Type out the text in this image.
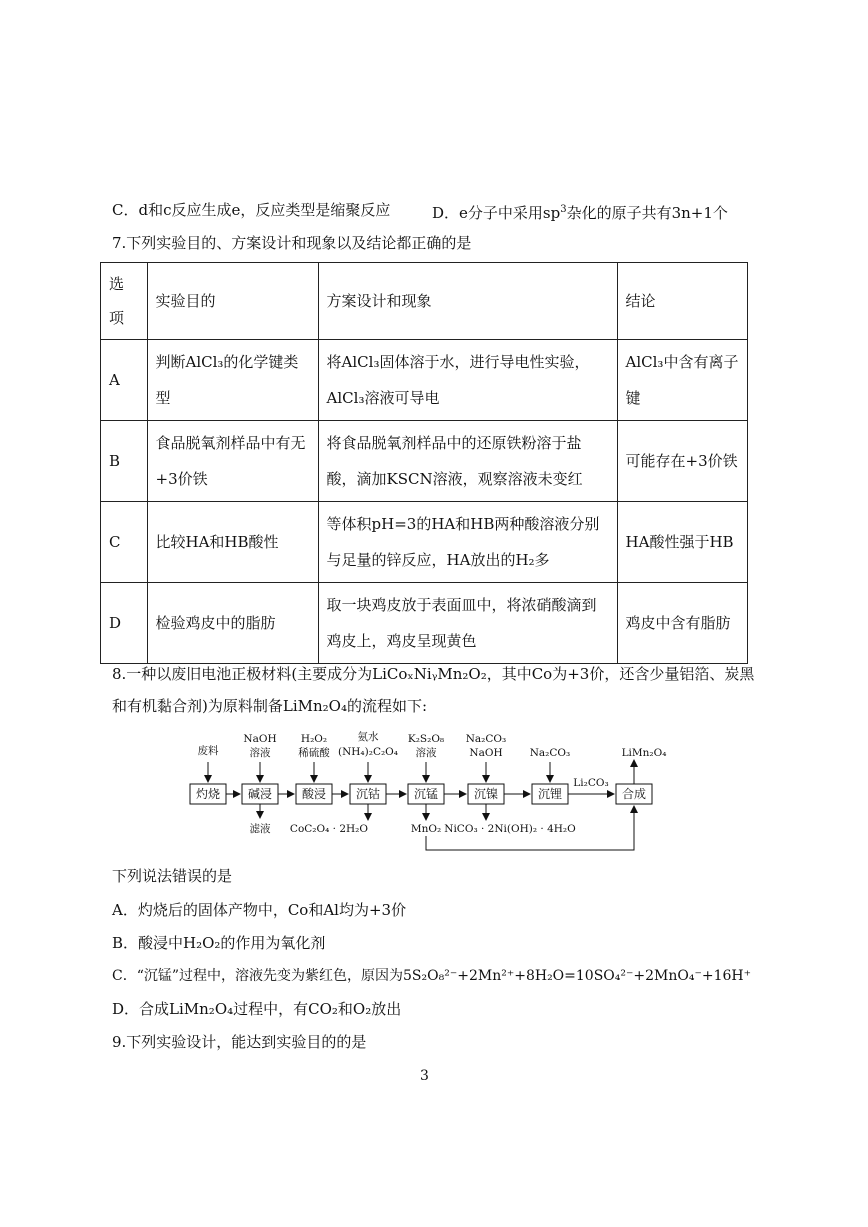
C．d和c反应生成e，反应类型是缩聚反应	D．e分子中采用$sp^3$杂化的原子共有3n+1个
7.下列实验目的、方案设计和现象以及结论都正确的是
选项	实验目的	方案设计和现象	结论
A	判断AlCl₃的化学键类型	将AlCl₃固体溶于水，进行导电性实验，AlCl₃溶液可导电	AlCl₃中含有离子键
B	食品脱氧剂样品中有无+3价铁	将食品脱氧剂样品中的还原铁粉溶于盐酸，滴加KSCN溶液，观察溶液未变红	可能存在+3价铁
C	比较HA和HB酸性	等体积pH=3的HA和HB两种酸溶液分别与足量的锌反应，HA放出的H₂多	HA酸性强于HB
D	检验鸡皮中的脂肪	取一块鸡皮放于表面皿中，将浓硝酸滴到鸡皮上，鸡皮呈现黄色	鸡皮中含有脂肪
8.一种以废旧电池正极材料(主要成分为LiCoₓNiᵧMn₂O₂，其中Co为+3价，还含少量铝箔、炭黑
和有机黏合剂)为原料制备LiMn₂O₄的流程如下:
灼烧 碱浸 酸浸 沉钴	沉锰	沉镍	沉锂	合成
废料
NaOH
溶液
H₂O₂
稀硫酸
氨水
(NH₄)₂C₂O₄
K₂S₂O₈
溶液
Na₂CO₃
NaOH	Na₂CO₃
Li₂CO₃
LiMn₂O₄
滤液 CoC₂O₄ · 2H₂O	MnO₂ NiCO₃ · 2Ni(OH)₂ · 4H₂O
下列说法错误的是
A．灼烧后的固体产物中，Co和Al均为+3价
B．酸浸中H₂O₂的作用为氧化剂
C．“沉锰”过程中，溶液先变为紫红色，原因为5S₂O₈²⁻+2Mn²⁺+8H₂O=10SO₄²⁻+2MnO₄⁻+16H⁺
D．合成LiMn₂O₄过程中，有CO₂和O₂放出
9.下列实验设计，能达到实验目的的是
3
